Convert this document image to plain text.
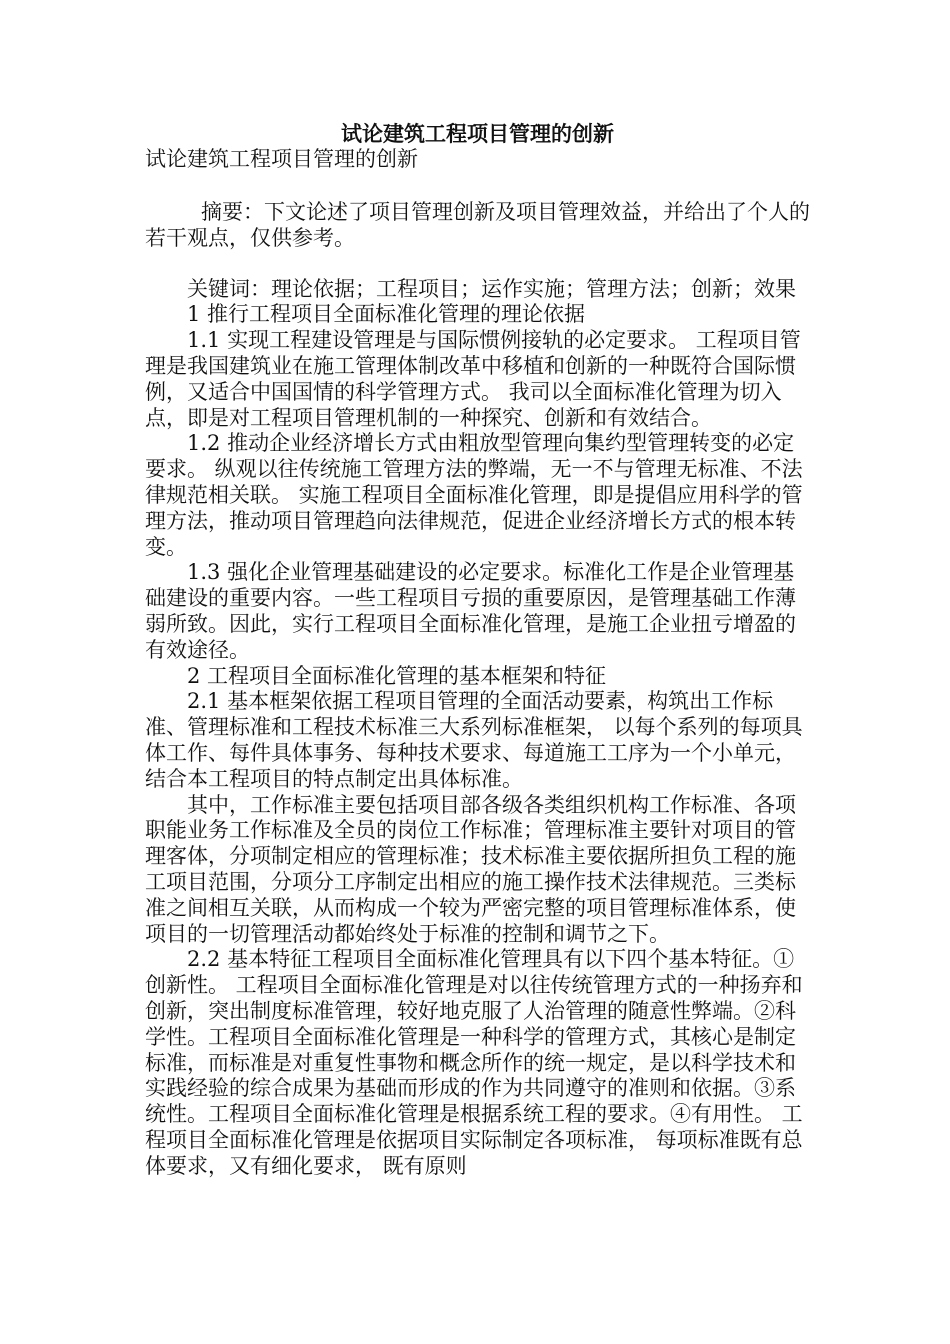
试论建筑工程项目管理的创新

试论建筑工程项目管理的创新

摘要：下文论述了项目管理创新及项目管理效益，并给出了个人的若干观点，仅供参考。

关键词：理论依据；工程项目；运作实施；管理方法；创新；效果

1 推行工程项目全面标准化管理的理论依据

1.1 实现工程建设管理是与国际惯例接轨的必定要求。 工程项目管理是我国建筑业在施工管理体制改革中移植和创新的一种既符合国际惯例，又适合中国国情的科学管理方式。 我司以全面标准化管理为切入点，即是对工程项目管理机制的一种探究、创新和有效结合。

1.2 推动企业经济增长方式由粗放型管理向集约型管理转变的必定要求。 纵观以往传统施工管理方法的弊端，无一不与管理无标准、不法律规范相关联。 实施工程项目全面标准化管理，即是提倡应用科学的管理方法，推动项目管理趋向法律规范，促进企业经济增长方式的根本转变。

1.3 强化企业管理基础建设的必定要求。标准化工作是企业管理基础建设的重要内容。一些工程项目亏损的重要原因，是管理基础工作薄弱所致。因此，实行工程项目全面标准化管理，是施工企业扭亏增盈的有效途径。

2 工程项目全面标准化管理的基本框架和特征

2.1 基本框架依据工程项目管理的全面活动要素，构筑出工作标准、管理标准和工程技术标准三大系列标准框架， 以每个系列的每项具体工作、每件具体事务、每种技术要求、每道施工工序为一个小单元，结合本工程项目的特点制定出具体标准。

其中，工作标准主要包括项目部各级各类组织机构工作标准、各项职能业务工作标准及全员的岗位工作标准；管理标准主要针对项目的管理客体，分项制定相应的管理标准；技术标准主要依据所担负工程的施工项目范围，分项分工序制定出相应的施工操作技术法律规范。三类标准之间相互关联，从而构成一个较为严密完整的项目管理标准体系，使项目的一切管理活动都始终处于标准的控制和调节之下。

2.2 基本特征工程项目全面标准化管理具有以下四个基本特征。①创新性。 工程项目全面标准化管理是对以往传统管理方式的一种扬弃和创新，突出制度标准管理，较好地克服了人治管理的随意性弊端。②科学性。工程项目全面标准化管理是一种科学的管理方式，其核心是制定标准，而标准是对重复性事物和概念所作的统一规定，是以科学技术和实践经验的综合成果为基础而形成的作为共同遵守的准则和依据。③系统性。工程项目全面标准化管理是根据系统工程的要求。④有用性。 工程项目全面标准化管理是依据项目实际制定各项标准， 每项标准既有总体要求，又有细化要求， 既有原则
